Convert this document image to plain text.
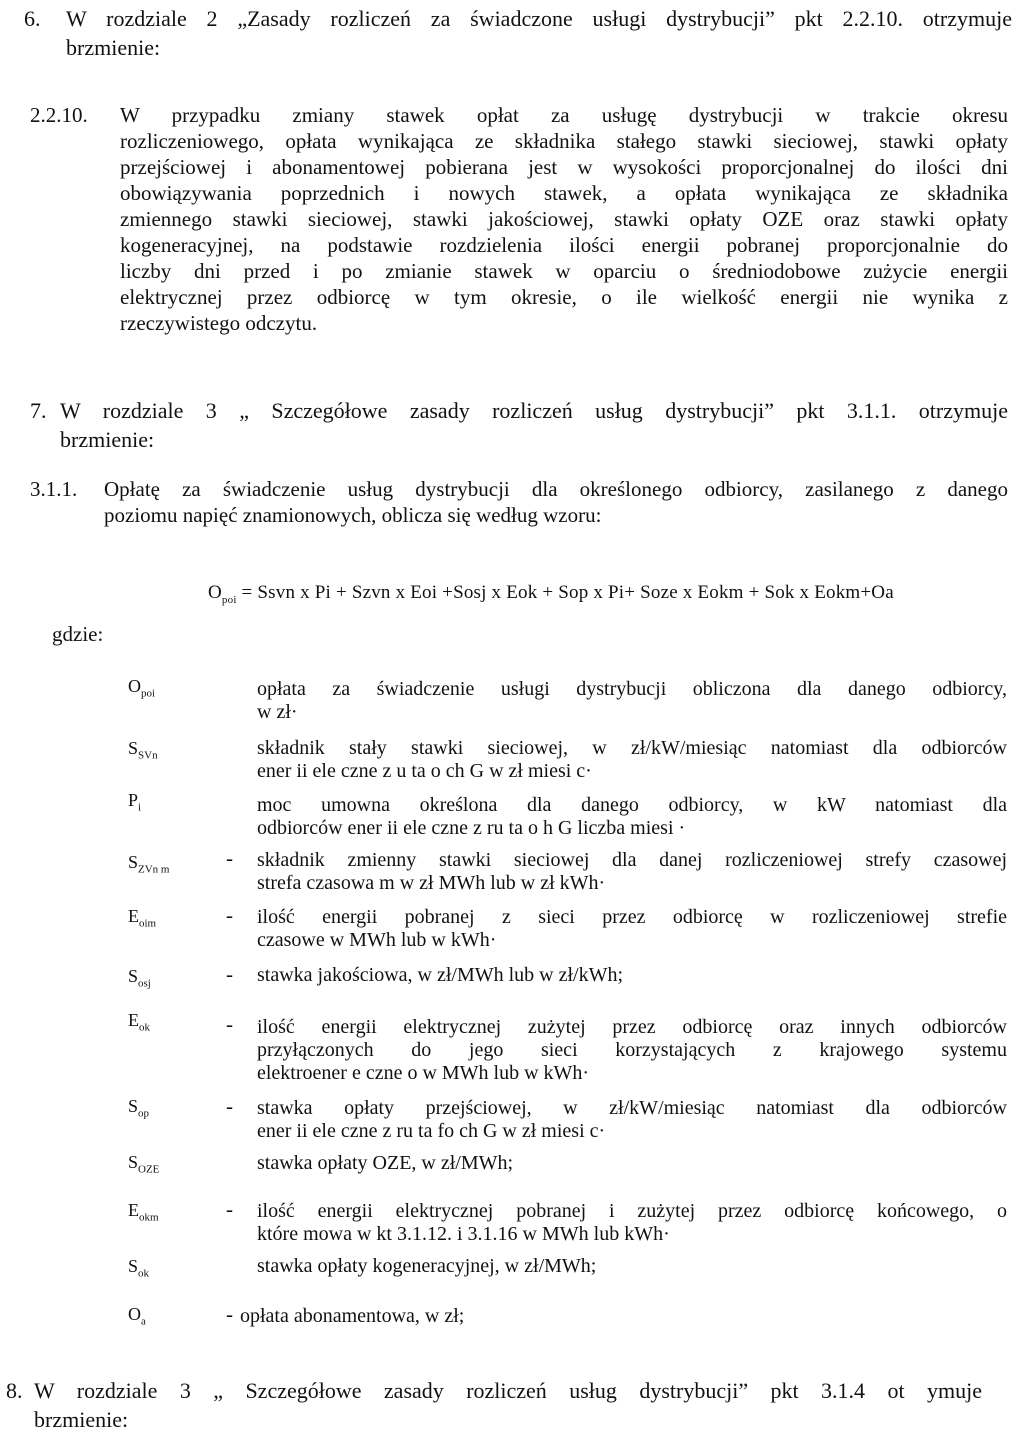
6. W rozdziale 2 „Zasady rozliczeń za świadczone usługi dystrybucji” pkt 2.2.10. otrzymuje
brzmienie:
2.2.10. W przypadku zmiany stawek opłat za usługę dystrybucji w trakcie okresu
rozliczeniowego, opłata wynikająca ze składnika stałego stawki sieciowej, stawki opłaty
przejściowej i abonamentowej pobierana jest w wysokości proporcjonalnej do ilości dni
obowiązywania poprzednich i nowych stawek, a opłata wynikająca ze składnika
zmiennego stawki sieciowej, stawki jakościowej, stawki opłaty OZE oraz stawki opłaty
kogeneracyjnej, na podstawie rozdzielenia ilości energii pobranej proporcjonalnie do
liczby dni przed i po zmianie stawek w oparciu o średniodobowe zużycie energii
elektrycznej przez odbiorcę w tym okresie, o ile wielkość energii nie wynika z
rzeczywistego odczytu.
7. W rozdziale 3 „ Szczegółowe zasady rozliczeń usług dystrybucji” pkt 3.1.1. otrzymuje
brzmienie:
3.1.1. Opłatę za świadczenie usług dystrybucji dla określonego odbiorcy, zasilanego z danego
poziomu napięć znamionowych, oblicza się według wzoru:
$O_{poi}$ = Ssvn x Pi + Szvn x Eoi +Sosj x Eok + Sop x Pi+ Soze x Eokm + Sok x Eokm+Oa
gdzie:
$O_{poi}$	opłata za świadczenie usługi dystrybucji obliczona dla danego odbiorcy,
w zł·
$S_{SVn}$	składnik stały stawki sieciowej, w zł/kW/miesiąc natomiast dla odbiorców
ener ii ele czne z u ta o ch G w zł miesi c·
$P_i$	moc umowna określona dla danego odbiorcy, w kW natomiast dla
odbiorców ener ii ele czne z ru ta o h G liczba miesi ·
$S_{ZVn m}$	- składnik zmienny stawki sieciowej dla danej rozliczeniowej strefy czasowej
strefa czasowa m w zł MWh lub w zł kWh·
$E_{oim}$	- ilość energii pobranej z sieci przez odbiorcę w rozliczeniowej strefie
czasowe w MWh lub w kWh·
$S_{osj}$	- stawka jakościowa, w zł/MWh lub w zł/kWh;
$E_{ok}$	- ilość energii elektrycznej zużytej przez odbiorcę oraz innych odbiorców
przyłączonych do jego sieci korzystających z krajowego systemu
elektroener e czne o w MWh lub w kWh·
$S_{op}$	- stawka opłaty przejściowej, w zł/kW/miesiąc natomiast dla odbiorców
ener ii ele czne z ru ta fo ch G w zł miesi c·
$S_{OZE}$	stawka opłaty OZE, w zł/MWh;
$E_{okm}$	- ilość energii elektrycznej pobranej i zużytej przez odbiorcę końcowego, o
które mowa w kt 3.1.12. i 3.1.16 w MWh lub kWh·
$S_{ok}$	stawka opłaty kogeneracyjnej, w zł/MWh;
$O_a$	- opłata abonamentowa, w zł;
8. W rozdziale 3 „ Szczegółowe zasady rozliczeń usług dystrybucji” pkt 3.1.4 ot ymuje
brzmienie:
